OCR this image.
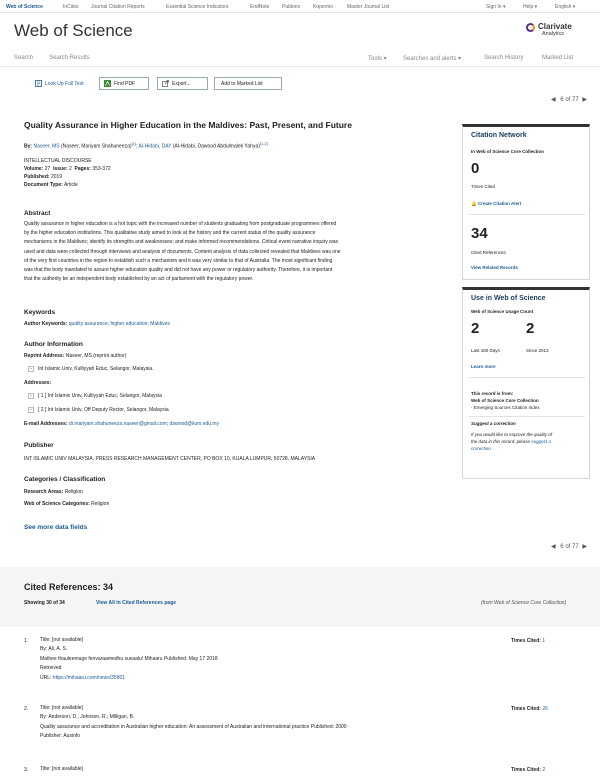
Web of Science	InCites Journal Citation Reports	Essential Science Indicators	EndNote	Publons	Kopernio	Master Journal List	Sign In ▾	Help ▾	English ▾
Web of Science	Clarivate
Analytics
Search	Search Results	Tools ▾	Searches and alerts ▾	Search History	Marked List
Look Up Full Text	Find PDF	Export...	Add to Marked List
◀ 6 of 77 ▶
Quality Assurance in Higher Education in the Maldives: Past, Present, and Future
By: Naseer, MS (Naseer, Mariyam Shahuneeza)[1]; Al-Hidabi, DAY (Al-Hidabi, Dawood Abdulmalek Yahya)[1,2]
INTELLECTUAL DISCOURSE
Volume: 27 Issue: 2 Pages: 353-372
Published: 2019
Document Type: Article
Abstract
Quality assurance in higher education is a hot topic with the increased number of students graduating from postgraduate programmes offered
by the higher education institutions. This qualitative study aimed to look at the history and the current status of the quality assurance
mechanisms in the Maldives; identify its strengths and weaknesses; and make informed recommendations. Critical event narrative inquiry was
used and data were collected through interviews and analysis of documents. Content analysis of data collected revealed that Maldives was one
of the very first countries in the region to establish such a mechanism and it was very similar to that of Australia. The most significant finding
was that the body mandated to assure higher education quality and did not have any power or regulatory authority. Therefore, it is important
that the authority be an independent body established by an act of parliament with the regulatory power.
Keywords
Author Keywords: quality assurance; higher education; Maldives
Author Information
Reprint Address: Naseer, MS (reprint author)
+ Int Islamic Univ, Kulliyyah Educ, Selangor, Malaysia.
Addresses:
+ [ 1 ] Int Islamic Univ, Kulliyyah Educ, Selangor, Malaysia
+ [ 2 ] Int Islamic Univ, Off Deputy Rector, Selangor, Malaysia
E-mail Addresses: dr.mariyam.shahuneeza.naseer@gmail.com; dawood@iium.edu.my
Publisher
INT ISLAMIC UNIV MALAYSIA, PRESS RESEARCH MANAGEMENT CENTER, PO BOX 10, KUALA LUMPUR, 50728, MALAYSIA
Categories / Classification
Research Areas: Religion
Web of Science Categories: Religion
See more data fields
◀ 6 of 77 ▶
Citation Network
In Web of Science Core Collection
0
Times Cited
🔔 Create Citation Alert
34
Cited References
View Related Records
Use in Web of Science
Web of Science Usage Count
2	2
Last 180 Days	Since 2013
Learn more
This record is from:
Web of Science Core Collection
- Emerging Sources Citation Index
Suggest a correction
If you would like to improve the quality of
the data in this record, please suggest a
correction.
Cited References: 34
Showing 30 of 34	View All in Cited References page	(from Web of Science Core Collection)
1. Title: [not available]
By: Ali, A. S.
Mathee thauleemuge fenvaraamedhu suvaalu! Mihaaru Published: May 17 2018
Retrieved
URL: https://mihaaru.com/news/35801
Times Cited: 1
2. Title: [not available]
By: Anderson, D.; Johnson, R.; Milligan, B.
Quality assurance and accreditation in Australian higher education: An assessment of Australian and international practice Published: 2000
Publisher: Ausinfo
Times Cited: 26
3. Title: [not available]	Times Cited: 2
